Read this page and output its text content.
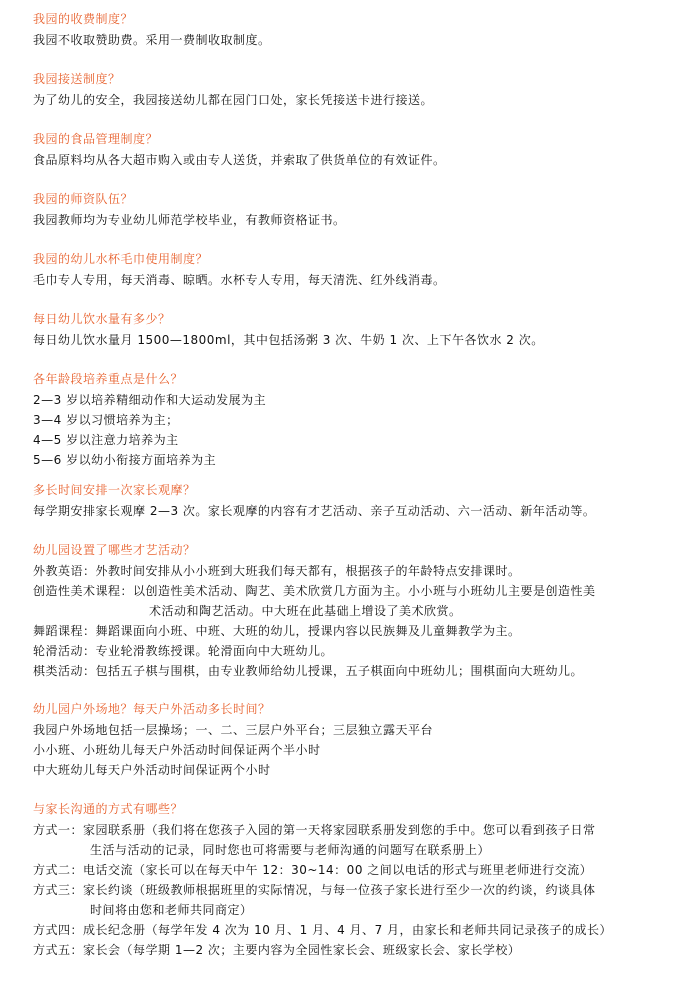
我园的收费制度？
我园不收取赞助费。采用一费制收取制度。
我园接送制度？
为了幼儿的安全，我园接送幼儿都在园门口处，家长凭接送卡进行接送。
我园的食品管理制度？
食品原料均从各大超市购入或由专人送货，并索取了供货单位的有效证件。
我园的师资队伍？
我园教师均为专业幼儿师范学校毕业，有教师资格证书。
我园的幼儿水杯毛巾使用制度？
毛巾专人专用，每天消毒、晾晒。水杯专人专用，每天清洗、红外线消毒。
每日幼儿饮水量有多少？
每日幼儿饮水量月 1500—1800ml，其中包括汤粥 3 次、牛奶 1 次、上下午各饮水 2 次。
各年龄段培养重点是什么？
2—3 岁以培养精细动作和大运动发展为主
3—4 岁以习惯培养为主；
4—5 岁以注意力培养为主
5—6 岁以幼小衔接方面培养为主
多长时间安排一次家长观摩？
每学期安排家长观摩 2—3 次。家长观摩的内容有才艺活动、亲子互动活动、六一活动、新年活动等。
幼儿园设置了哪些才艺活动？
外教英语：外教时间安排从小小班到大班我们每天都有，根据孩子的年龄特点安排课时。
创造性美术课程：以创造性美术活动、陶艺、美术欣赏几方面为主。小小班与小班幼儿主要是创造性美
术活动和陶艺活动。中大班在此基础上增设了美术欣赏。
舞蹈课程：舞蹈课面向小班、中班、大班的幼儿，授课内容以民族舞及儿童舞教学为主。
轮滑活动：专业轮滑教练授课。轮滑面向中大班幼儿。
棋类活动：包括五子棋与围棋，由专业教师给幼儿授课，五子棋面向中班幼儿；围棋面向大班幼儿。
幼儿园户外场地？每天户外活动多长时间？
我园户外场地包括一层操场；一、二、三层户外平台；三层独立露天平台
小小班、小班幼儿每天户外活动时间保证两个半小时
中大班幼儿每天户外活动时间保证两个小时
与家长沟通的方式有哪些？
方式一：家园联系册（我们将在您孩子入园的第一天将家园联系册发到您的手中。您可以看到孩子日常
生活与活动的记录，同时您也可将需要与老师沟通的问题写在联系册上）
方式二：电话交流（家长可以在每天中午 12：30~14：00 之间以电话的形式与班里老师进行交流）
方式三：家长约谈（班级教师根据班里的实际情况，与每一位孩子家长进行至少一次的约谈，约谈具体
时间将由您和老师共同商定）
方式四：成长纪念册（每学年发 4 次为 10 月、1 月、4 月、7 月，由家长和老师共同记录孩子的成长）
方式五：家长会（每学期 1—2 次；主要内容为全园性家长会、班级家长会、家长学校）
